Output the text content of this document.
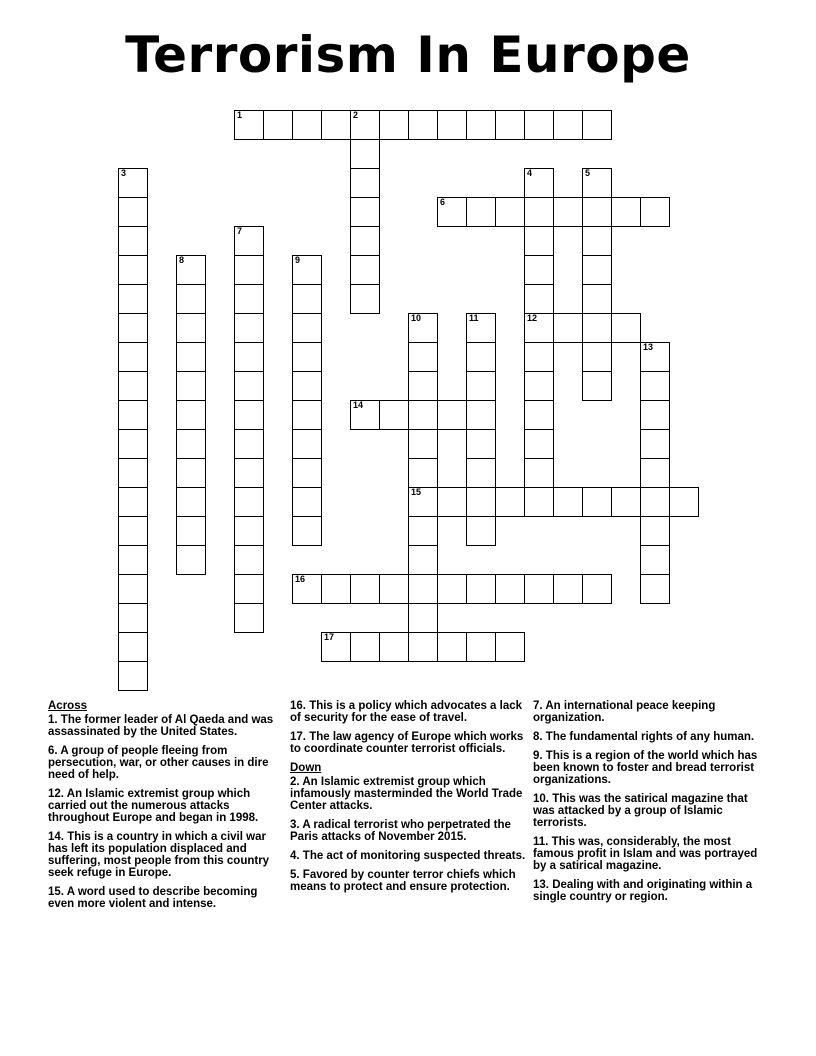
Terrorism In Europe
1	2
3	4
12
5
6
7
8	9
10
15
11
13
14
16
17
Across
1. The former leader of Al Qaeda and was assassinated by the United States.
6. A group of people fleeing from persecution, war, or other causes in dire need of help.
12. An Islamic extremist group which carried out the numerous attacks throughout Europe and began in 1998.
14. This is a country in which a civil war has left its population displaced and suffering, most people from this country seek refuge in Europe.
15. A word used to describe becoming even more violent and intense.
16. This is a policy which advocates a lack of security for the ease of travel.
17. The law agency of Europe which works to coordinate counter terrorist officials.
Down
2. An Islamic extremist group which infamously masterminded the World Trade Center attacks.
3. A radical terrorist who perpetrated the Paris attacks of November 2015.
4. The act of monitoring suspected threats.
5. Favored by counter terror chiefs which means to protect and ensure protection.
7. An international peace keeping organization.
8. The fundamental rights of any human.
9. This is a region of the world which has been known to foster and bread terrorist organizations.
10. This was the satirical magazine that was attacked by a group of Islamic terrorists.
11. This was, considerably, the most famous profit in Islam and was portrayed by a satirical magazine.
13. Dealing with and originating within a single country or region.
